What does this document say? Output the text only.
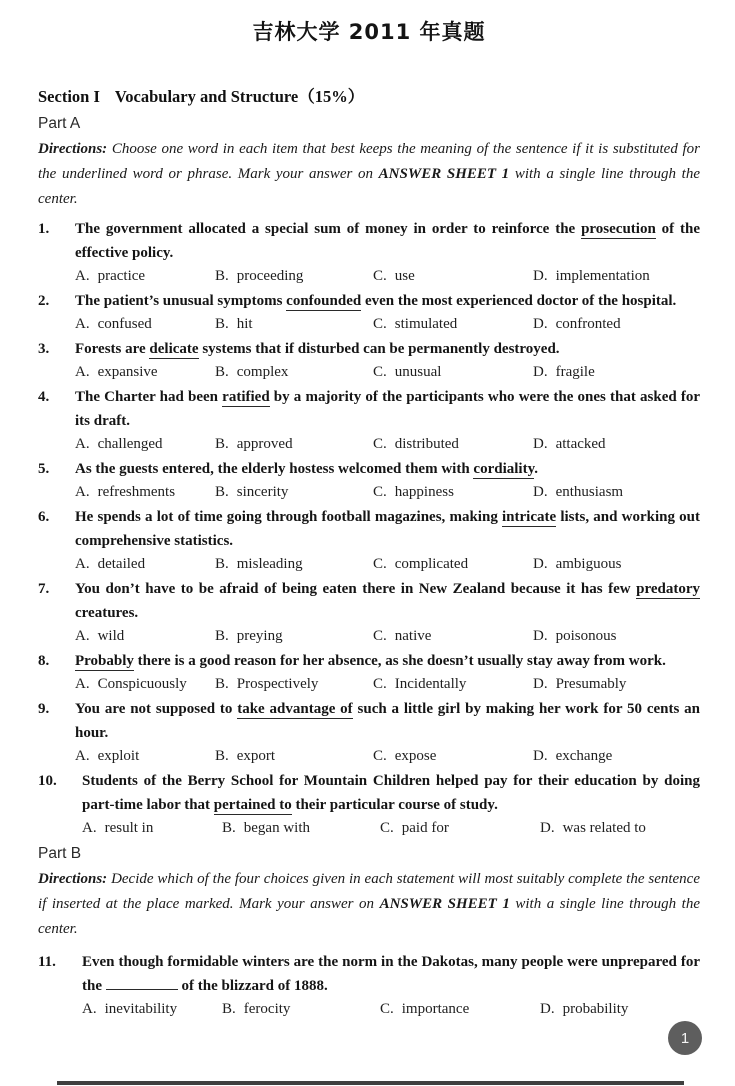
吉林大学 2011 年真题
Section I Vocabulary and Structure（15%）
Part A

Directions: Choose one word in each item that best keeps the meaning of the sentence if it is substituted for the underlined word or phrase. Mark your answer on ANSWER SHEET 1 with a single line through the center.

1. The government allocated a special sum of money in order to reinforce the prosecution of the effective policy.
A. practice	B. proceeding	C. use	D. implementation
2. The patient’s unusual symptoms confounded even the most experienced doctor of the hospital.
A. confused	B. hit	C. stimulated	D. confronted
3. Forests are delicate systems that if disturbed can be permanently destroyed.
A. expansive	B. complex	C. unusual	D. fragile
4. The Charter had been ratified by a majority of the participants who were the ones that asked for its draft.
A. challenged	B. approved	C. distributed	D. attacked
5. As the guests entered, the elderly hostess welcomed them with cordiality.
A. refreshments	B. sincerity	C. happiness	D. enthusiasm
6. He spends a lot of time going through football magazines, making intricate lists, and working out comprehensive statistics.
A. detailed	B. misleading	C. complicated	D. ambiguous
7. You don’t have to be afraid of being eaten there in New Zealand because it has few predatory creatures.
A. wild	B. preying	C. native	D. poisonous
8. Probably there is a good reason for her absence, as she doesn’t usually stay away from work.
A. Conspicuously	B. Prospectively	C. Incidentally	D. Presumably
9. You are not supposed to take advantage of such a little girl by making her work for 50 cents an hour.
A. exploit	B. export	C. expose	D. exchange
10. Students of the Berry School for Mountain Children helped pay for their education by doing part-time labor that pertained to their particular course of study.
A. result in	B. began with	C. paid for	D. was related to
Part B

Directions: Decide which of the four choices given in each statement will most suitably complete the sentence if inserted at the place marked. Mark your answer on ANSWER SHEET 1 with a single line through the center.

11. Even though formidable winters are the norm in the Dakotas, many people were unprepared for the	of the blizzard of 1888.
A. inevitability	B. ferocity	C. importance	D. probability
1
